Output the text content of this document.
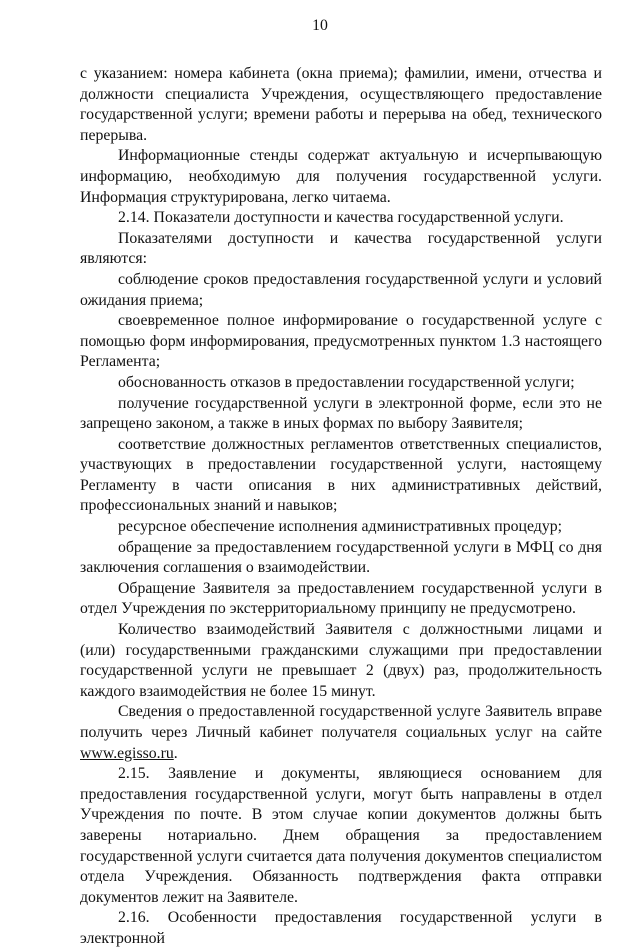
10

с указанием: номера кабинета (окна приема); фамилии, имени, отчества и должности специалиста Учреждения, осуществляющего предоставление государственной услуги; времени работы и перерыва на обед, технического перерыва.

Информационные стенды содержат актуальную и исчерпывающую информацию, необходимую для получения государственной услуги. Информация структурирована, легко читаема.

2.14. Показатели доступности и качества государственной услуги.

Показателями доступности и качества государственной услуги являются:

соблюдение сроков предоставления государственной услуги и условий ожидания приема;

своевременное полное информирование о государственной услуге с помощью форм информирования, предусмотренных пунктом 1.3 настоящего Регламента;

обоснованность отказов в предоставлении государственной услуги;

получение государственной услуги в электронной форме, если это не запрещено законом, а также в иных формах по выбору Заявителя;

соответствие должностных регламентов ответственных специалистов, участвующих в предоставлении государственной услуги, настоящему Регламенту в части описания в них административных действий, профессиональных знаний и навыков;

ресурсное обеспечение исполнения административных процедур;

обращение за предоставлением государственной услуги в МФЦ со дня заключения соглашения о взаимодействии.

Обращение Заявителя за предоставлением государственной услуги в отдел Учреждения по экстерриториальному принципу не предусмотрено.

Количество взаимодействий Заявителя с должностными лицами и (или) государственными гражданскими служащими при предоставлении государственной услуги не превышает 2 (двух) раз, продолжительность каждого взаимодействия не более 15 минут.

Сведения о предоставленной государственной услуге Заявитель вправе получить через Личный кабинет получателя социальных услуг на сайте www.egisso.ru.

2.15. Заявление и документы, являющиеся основанием для предоставления государственной услуги, могут быть направлены в отдел Учреждения по почте. В этом случае копии документов должны быть заверены нотариально. Днем обращения за предоставлением государственной услуги считается дата получения документов специалистом отдела Учреждения. Обязанность подтверждения факта отправки документов лежит на Заявителе.

2.16. Особенности предоставления государственной услуги в электронной
